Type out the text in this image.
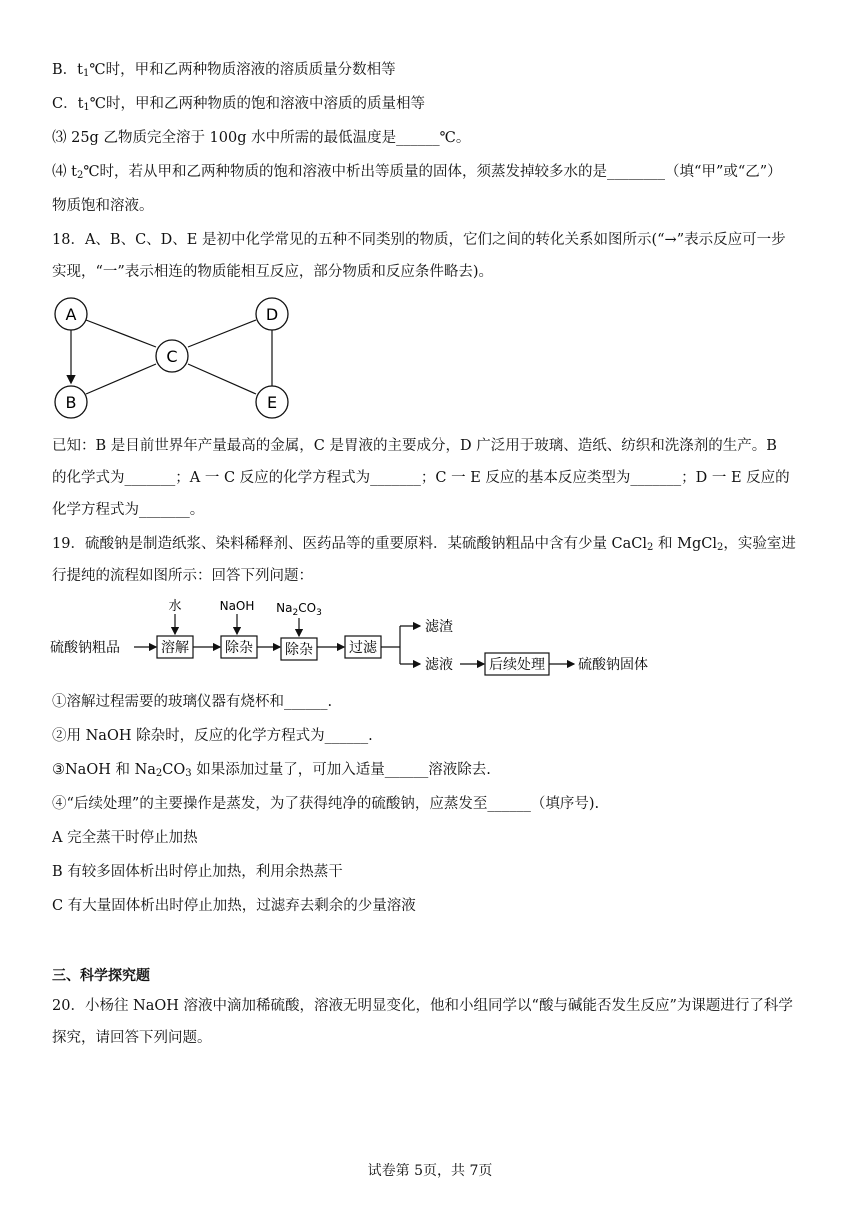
B．$t_1℃$时，甲和乙两种物质溶液的溶质质量分数相等
C．$t_1℃$时，甲和乙两种物质的饱和溶液中溶质的质量相等
⑶ 25g 乙物质完全溶于 100g 水中所需的最低温度是______℃。
⑷ $t_2℃$时，若从甲和乙两种物质的饱和溶液中析出等质量的固体，须蒸发掉较多水的是________（填“甲”或“乙”）
物质饱和溶液。
18．A、B、C、D、E 是初中化学常见的五种不同类别的物质，它们之间的转化关系如图所示(“→”表示反应可一步
实现，“一”表示相连的物质能相互反应，部分物质和反应条件略去)。
A
B
C
D
E
已知：B 是目前世界年产量最高的金属，C 是胃液的主要成分，D 广泛用于玻璃、造纸、纺织和洗涤剂的生产。B
的化学式为_______；A 一 C 反应的化学方程式为_______；C 一 E 反应的基本反应类型为_______；D 一 E 反应的
化学方程式为_______。
19．硫酸钠是制造纸浆、染料稀释剂、医药品等的重要原料．某硫酸钠粗品中含有少量 CaCl$_2$ 和 MgCl$_2$，实验室进
行提纯的流程如图所示：回答下列问题：
硫酸钠粗品	溶解
水
除杂
NaOH
除杂
$Na_2CO_3$
过滤
滤渣
滤液	后续处理 硫酸钠固体
①溶解过程需要的玻璃仪器有烧杯和______.
②用 NaOH 除杂时，反应的化学方程式为______.
③NaOH 和 $Na_2CO_3$ 如果添加过量了，可加入适量______溶液除去.
④“后续处理”的主要操作是蒸发，为了获得纯净的硫酸钠，应蒸发至______（填序号).
A 完全蒸干时停止加热
B 有较多固体析出时停止加热，利用余热蒸干
C 有大量固体析出时停止加热，过滤弃去剩余的少量溶液
三、科学探究题
20．小杨往 NaOH 溶液中滴加稀硫酸，溶液无明显变化，他和小组同学以“酸与碱能否发生反应”为课题进行了科学
探究，请回答下列问题。
试卷第 5页，共 7页
